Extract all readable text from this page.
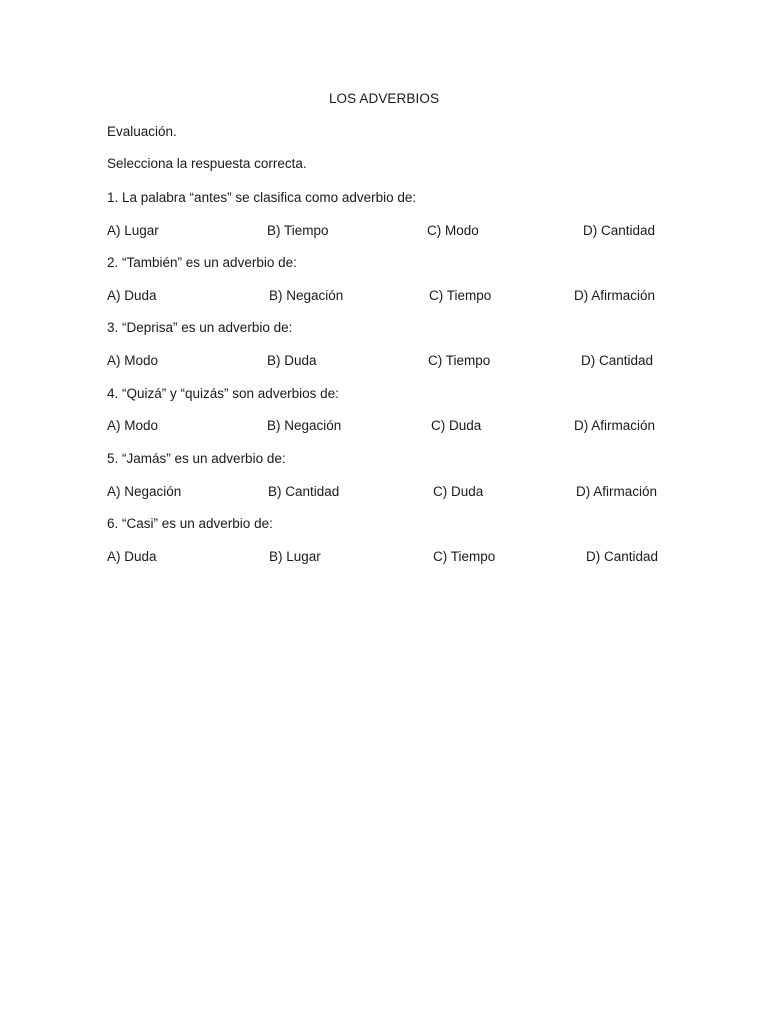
LOS ADVERBIOS
Evaluación.
Selecciona la respuesta correcta.
1. La palabra “antes” se clasifica como adverbio de:
A) Lugar	B) Tiempo	C) Modo	D) Cantidad
2. “También” es un adverbio de:
A) Duda	B) Negación	C) Tiempo	D) Afirmación
3. “Deprisa” es un adverbio de:
A) Modo	B) Duda	C) Tiempo	D) Cantidad
4. “Quizá” y “quizás” son adverbios de:
A) Modo	B) Negación	C) Duda	D) Afirmación
5. “Jamás” es un adverbio de:
A) Negación	B) Cantidad	C) Duda	D) Afirmación
6. “Casi” es un adverbio de:
A) Duda	B) Lugar	C) Tiempo	D) Cantidad
